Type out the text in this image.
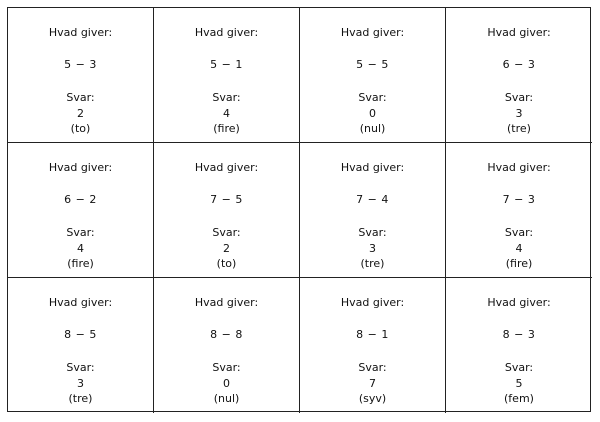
Hvad giver:
5 − 3
Svar:
2
(to)
Hvad giver:
5 − 1
Svar:
4
(fire)
Hvad giver:
5 − 5
Svar:
0
(nul)
Hvad giver:
6 − 3
Svar:
3
(tre)
Hvad giver:
6 − 2
Svar:
4
(fire)
Hvad giver:
7 − 5
Svar:
2
(to)
Hvad giver:
7 − 4
Svar:
3
(tre)
Hvad giver:
7 − 3
Svar:
4
(fire)
Hvad giver:
8 − 5
Svar:
3
(tre)
Hvad giver:
8 − 8
Svar:
0
(nul)
Hvad giver:
8 − 1
Svar:
7
(syv)
Hvad giver:
8 − 3
Svar:
5
(fem)
